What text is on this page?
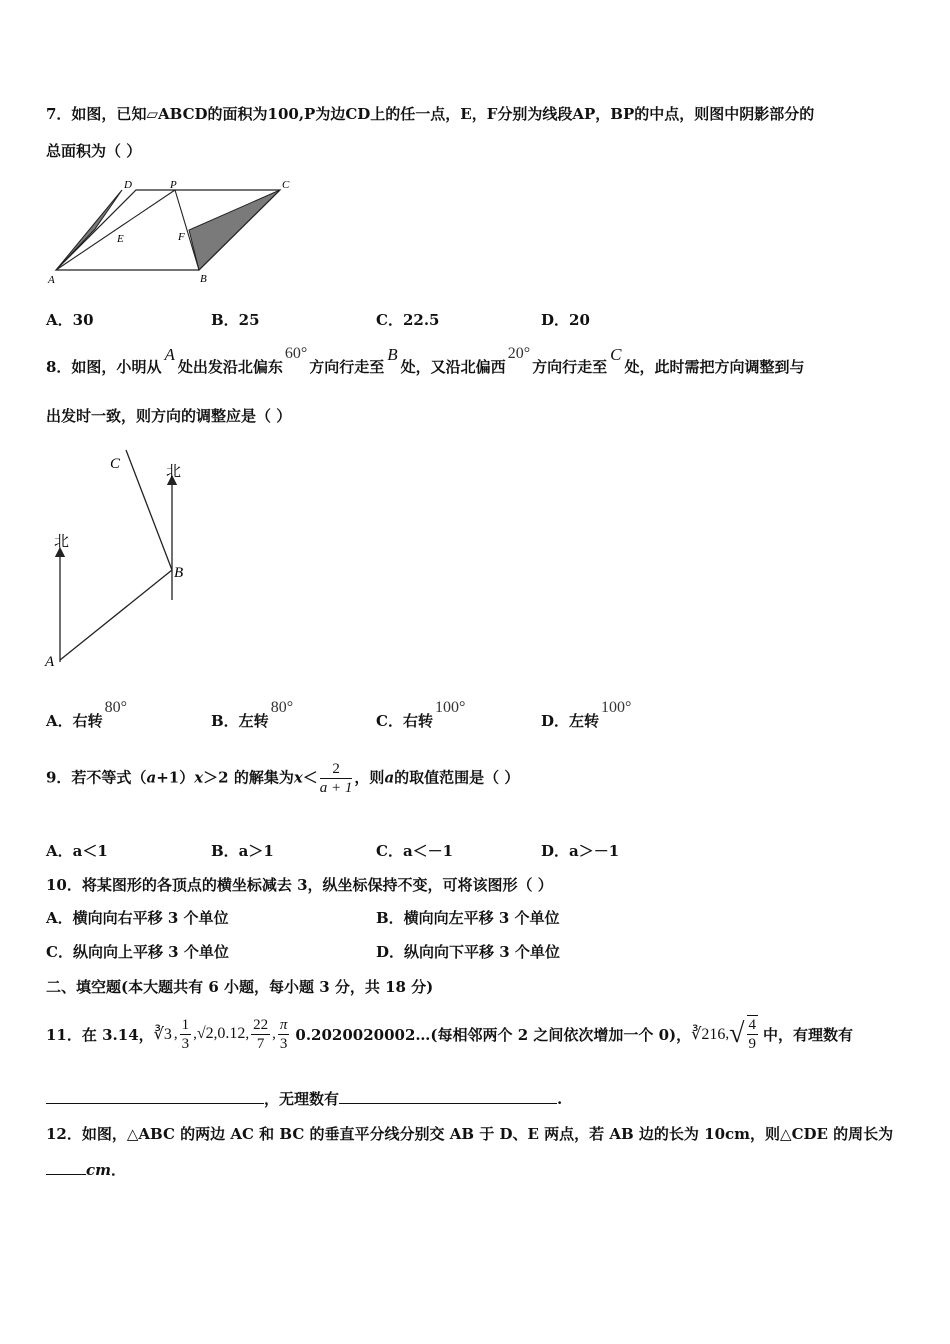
7．如图，已知▱ABCD的面积为100,P为边CD上的任一点，E，F分别为线段AP，BP的中点，则图中阴影部分的
总面积为（ ）
D	P	C
E	F
A	B
A．30	B．25	C．22.5	D．20
8．如图，小明从A处出发沿北偏东60°方向行走至B处，又沿北偏西20°方向行走至C处，此时需把方向调整到与
出发时一致，则方向的调整应是（ ）
北
北
C
B
A
A．右转80°
B．左转80°
C．右转100°
D．左转100°
9．若不等式（a+1）x＞2 的解集为$x< \frac{2}{a + 1}$ ，则a的取值范围是（ ）
A．a＜1	B．a＞1	C．a＜－1	D．a＞－1
10．将某图形的各顶点的横坐标减去 3，纵坐标保持不变，可将该图形（ ）
A．横向向右平移 3 个单位	B．横向向左平移 3 个单位
C．纵向向上平移 3 个单位	D．纵向向下平移 3 个单位
二、填空题(本大题共有 6 小题，每小题 3 分，共 18 分)
11．在 3.14， ∛3 , $\frac{1}{3}$ , √2 , 0.12 , $\frac{22}{7}$ , $\frac{\pi}{3}$ 0.2020020002…(每相邻两个 2 之间依次增加一个 0)， ∛216 , √ $\frac{4}{9}$ 中，有理数有
，无理数有	.
12．如图，△ABC 的两边 AC 和 BC 的垂直平分线分别交 AB 于 D、E 两点，若 AB 边的长为 10cm，则△CDE 的周长为
cm．
